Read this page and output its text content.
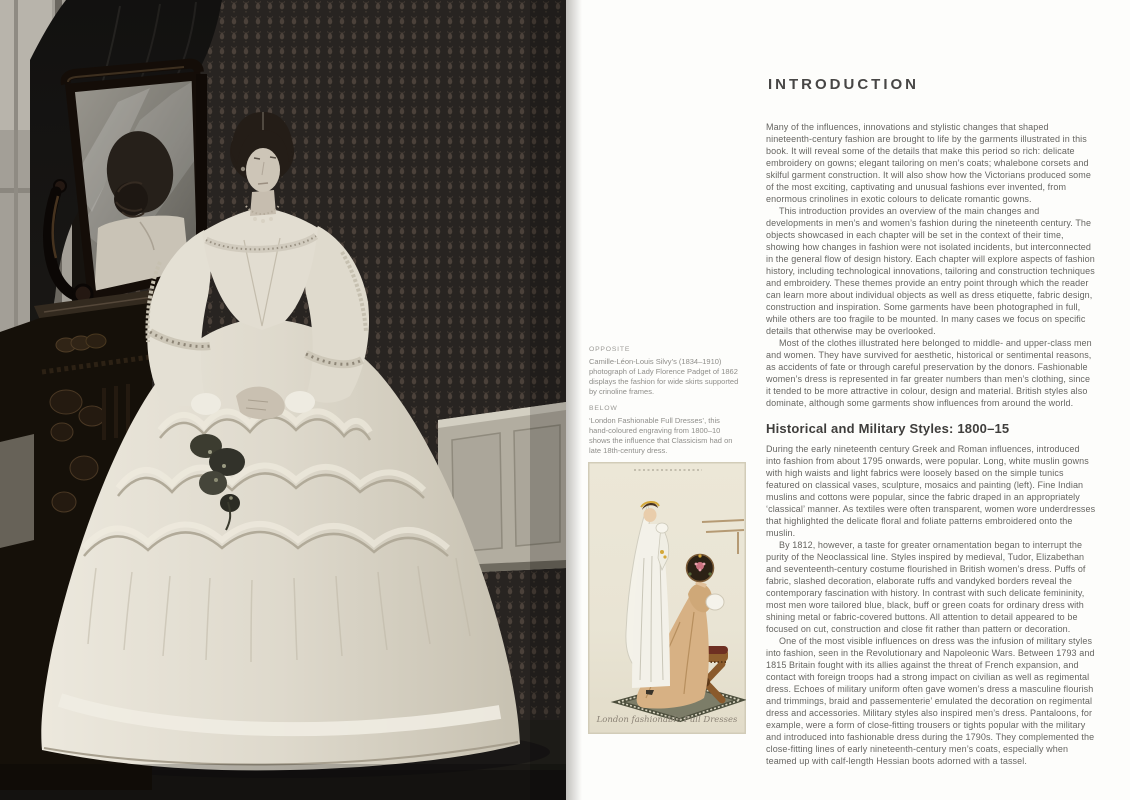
INTRODUCTION

Many of the influences, innovations and stylistic changes that shaped nineteenth-century fashion are brought to life by the garments illustrated in this book. It will reveal some of the details that make this period so rich: delicate embroidery on gowns; elegant tailoring on men’s coats; whalebone corsets and skilful garment construction. It will also show how the Victorians produced some of the most exciting, captivating and unusual fashions ever invented, from enormous crinolines in exotic colours to delicate romantic gowns.

This introduction provides an overview of the main changes and developments in men’s and women’s fashion during the nineteenth century. The objects showcased in each chapter will be set in the context of their time, showing how changes in fashion were not isolated incidents, but interconnected in the general flow of design history. Each chapter will explore aspects of fashion history, including technological innovations, tailoring and construction techniques and embroidery. These themes provide an entry point through which the reader can learn more about individual objects as well as dress etiquette, fabric design, construction and inspiration. Some garments have been photographed in full, while others are too fragile to be mounted. In many cases we focus on specific details that otherwise may be overlooked.

Most of the clothes illustrated here belonged to middle- and upper-class men and women. They have survived for aesthetic, historical or sentimental reasons, as accidents of fate or through careful preservation by the donors. Fashionable women’s dress is represented in far greater numbers than men’s clothing, since it tended to be more attractive in colour, design and material. British styles also dominate, although some garments show influences from around the world.

Historical and Military Styles: 1800–15

During the early nineteenth century Greek and Roman influences, introduced into fashion from about 1795 onwards, were popular. Long, white muslin gowns with high waists and light fabrics were loosely based on the simple tunics featured on classical vases, sculpture, mosaics and painting (left). Fine Indian muslins and cottons were popular, since the fabric draped in an appropriately ‘classical’ manner. As textiles were often transparent, women wore underdresses that highlighted the delicate floral and foliate patterns embroidered onto the muslin.

By 1812, however, a taste for greater ornamentation began to interrupt the purity of the Neoclassical line. Styles inspired by medieval, Tudor, Elizabethan and seventeenth-century costume flourished in British women’s dress. Puffs of fabric, slashed decoration, elaborate ruffs and vandyked borders reveal the contemporary fascination with history. In contrast with such delicate femininity, most men wore tailored blue, black, buff or green coats for ordinary dress with shining metal or fabric-covered buttons. All attention to detail appeared to be focused on cut, construction and close fit rather than pattern or decoration.

One of the most visible influences on dress was the infusion of military styles into fashion, seen in the Revolutionary and Napoleonic Wars. Between 1793 and 1815 Britain fought with its allies against the threat of French expansion, and contact with foreign troops had a strong impact on civilian as well as regimental dress. Echoes of military uniform often gave women’s dress a masculine flourish and trimmings, braid and passementerie’ emulated the decoration on regimental dress and accessories. Military styles also inspired men’s dress. Pantaloons, for example, were a form of close-fitting trousers or tights popular with the military and introduced into fashionable dress during the 1790s. They complemented the close-fitting lines of early nineteenth-century men’s coats, especially when teamed up with calf-length Hessian boots adorned with a tassel.

OPPOSITE
Camille-Léon-Louis Silvy’s (1834–1910) photograph of Lady Florence Padget of 1862 displays the fashion for wide skirts supported by crinoline frames.
BELOW
‘London Fashionable Full Dresses’, this hand-coloured engraving from 1800–10 shows the influence that Classicism had on late 18th-century dress.
London fashionable Full Dresses
